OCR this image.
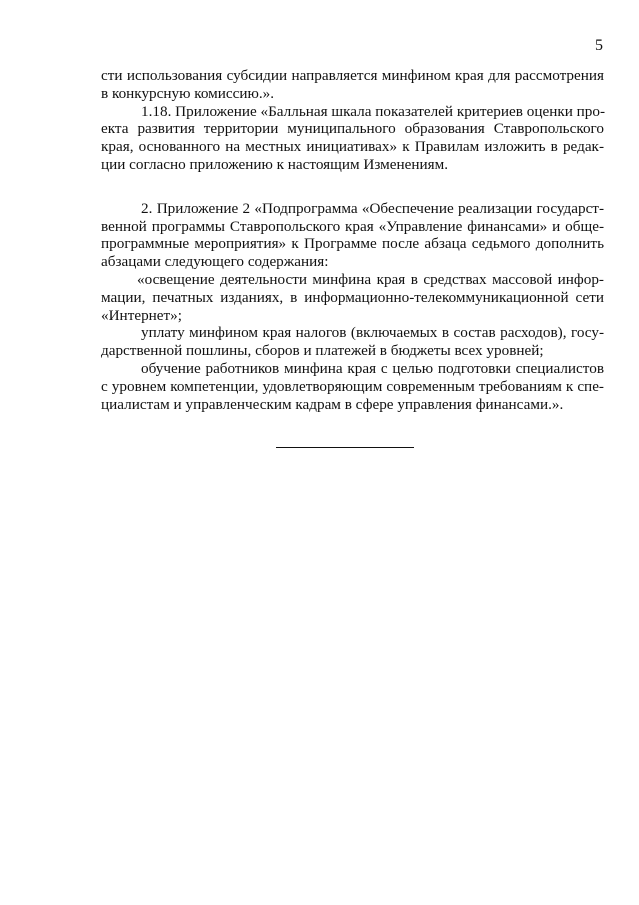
5
сти использования субсидии направляется минфином края для рассмотрения
в конкурсную комиссию.».
1.18. Приложение «Балльная шкала показателей критериев оценки про-
екта развития территории муниципального образования Ставропольского
края, основанного на местных инициативах» к Правилам изложить в редак-
ции согласно приложению к настоящим Изменениям.
2. Приложение 2 «Подпрограмма «Обеспечение реализации государст-
венной программы Ставропольского края «Управление финансами» и обще-
программные мероприятия» к Программе после абзаца седьмого дополнить
абзацами следующего содержания:
«освещение деятельности минфина края в средствах массовой инфор-
мации, печатных изданиях, в информационно-телекоммуникационной сети
«Интернет»;
уплату минфином края налогов (включаемых в состав расходов), госу-
дарственной пошлины, сборов и платежей в бюджеты всех уровней;
обучение работников минфина края с целью подготовки специалистов
с уровнем компетенции, удовлетворяющим современным требованиям к спе-
циалистам и управленческим кадрам в сфере управления финансами.».
